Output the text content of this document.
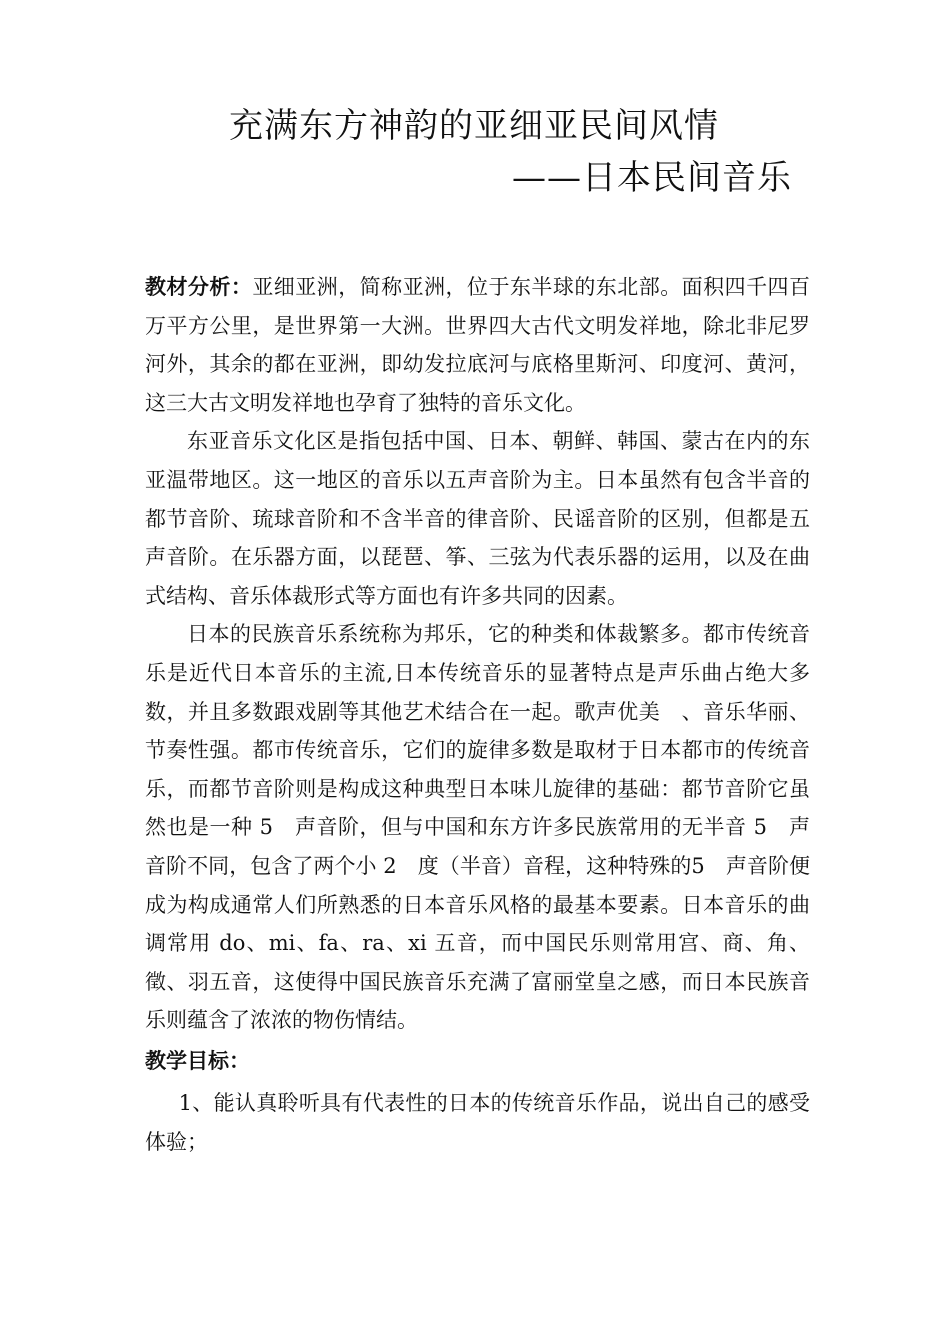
充满东方神韵的亚细亚民间风情
——日本民间音乐

教材分析：亚细亚洲，简称亚洲，位于东半球的东北部。面积四千四百万平方公里，是世界第一大洲。世界四大古代文明发祥地，除北非尼罗河外，其余的都在亚洲，即幼发拉底河与底格里斯河、印度河、黄河，这三大古文明发祥地也孕育了独特的音乐文化。

东亚音乐文化区是指包括中国、日本、朝鲜、韩国、蒙古在内的东亚温带地区。这一地区的音乐以五声音阶为主。日本虽然有包含半音的都节音阶、琉球音阶和不含半音的律音阶、民谣音阶的区别，但都是五声音阶。在乐器方面，以琵琶、筝、三弦为代表乐器的运用，以及在曲式结构、音乐体裁形式等方面也有许多共同的因素。

日本的民族音乐系统称为邦乐，它的种类和体裁繁多。都市传统音乐是近代日本音乐的主流,日本传统音乐的显著特点是声乐曲占绝大多数，并且多数跟戏剧等其他艺术结合在一起。歌声优美　、音乐华丽、节奏性强。都市传统音乐，它们的旋律多数是取材于日本都市的传统音乐，而都节音阶则是构成这种典型日本味儿旋律的基础：都节音阶它虽然也是一种 5　声音阶，但与中国和东方许多民族常用的无半音 5　声音阶不同，包含了两个小 2　度（半音）音程，这种特殊的5　声音阶便成为构成通常人们所熟悉的日本音乐风格的最基本要素。日本音乐的曲调常用 do、mi、fa、ra、xi 五音，而中国民乐则常用宫、商、角、徵、羽五音，这使得中国民族音乐充满了富丽堂皇之感，而日本民族音乐则蕴含了浓浓的物伤情结。

教学目标：

1、能认真聆听具有代表性的日本的传统音乐作品，说出自己的感受体验；
